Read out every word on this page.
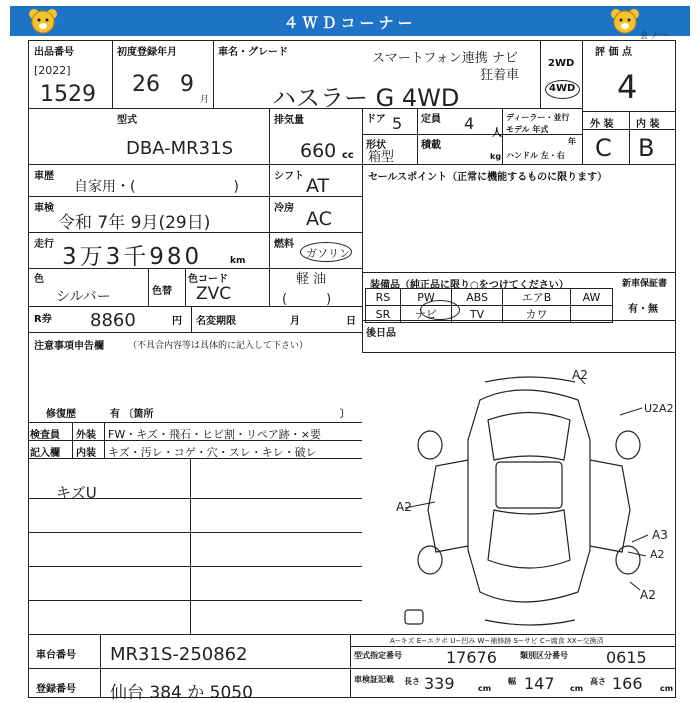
４ＷＤコーナー
会 ノ一
出品番号
[2022]
1529
初度登録年月
26 9
月
車名・グレード	スマートフォン連携 ナビ
狂着車
ハスラー G 4WD
2WD
4WD
評 価 点
4
外 装 内 装
C B
型式
DBA-MR31S
排気量
660 cc
ドア 5 定員 4
人
ディーラー・並行
モデル 年式
年
形状
箱型
積載
kg ハンドル 左・右
車歴
自家用・(　　　　　　　)
シフト AT
車検
令和 7年 9月(29日)
冷房 AC
走行 3万3千980	km
燃料
ガソリン
軽 油
(　　　)
色
シルバー	色替
色コード
ZVC
R券 8860	円 名変期限	月	日
注意事項申告欄	（不具合内容等は具体的に記入して下さい）
修復歴	有 〔箇所	〕
セールスポイント（正常に機能するものに限ります）
装備品（純正品に限り○をつけてください）	新車保証書
RS	PW	ABS	エアB	AW
SR	ナビ	TV	カワ		有・無
後日品
検査員
記入欄
外装
内装
FW・キズ・飛石・ヒビ割・リペア跡・×要
キズ・汚レ・コゲ・穴・スレ・キレ・破レ
キズU
A2
U2A2
A2
A3
A2
A2
車台番号 MR31S-250862
登録番号 仙台 384 か 5050
A−キズ E−エクボ U−凹み W−補修跡 S−サビ C−腐食 XX−交換済
型式指定番号	17676	類別区分番号 0615
車検証記載 長さ 339	cm
幅 147 cm
高さ 166 cm
